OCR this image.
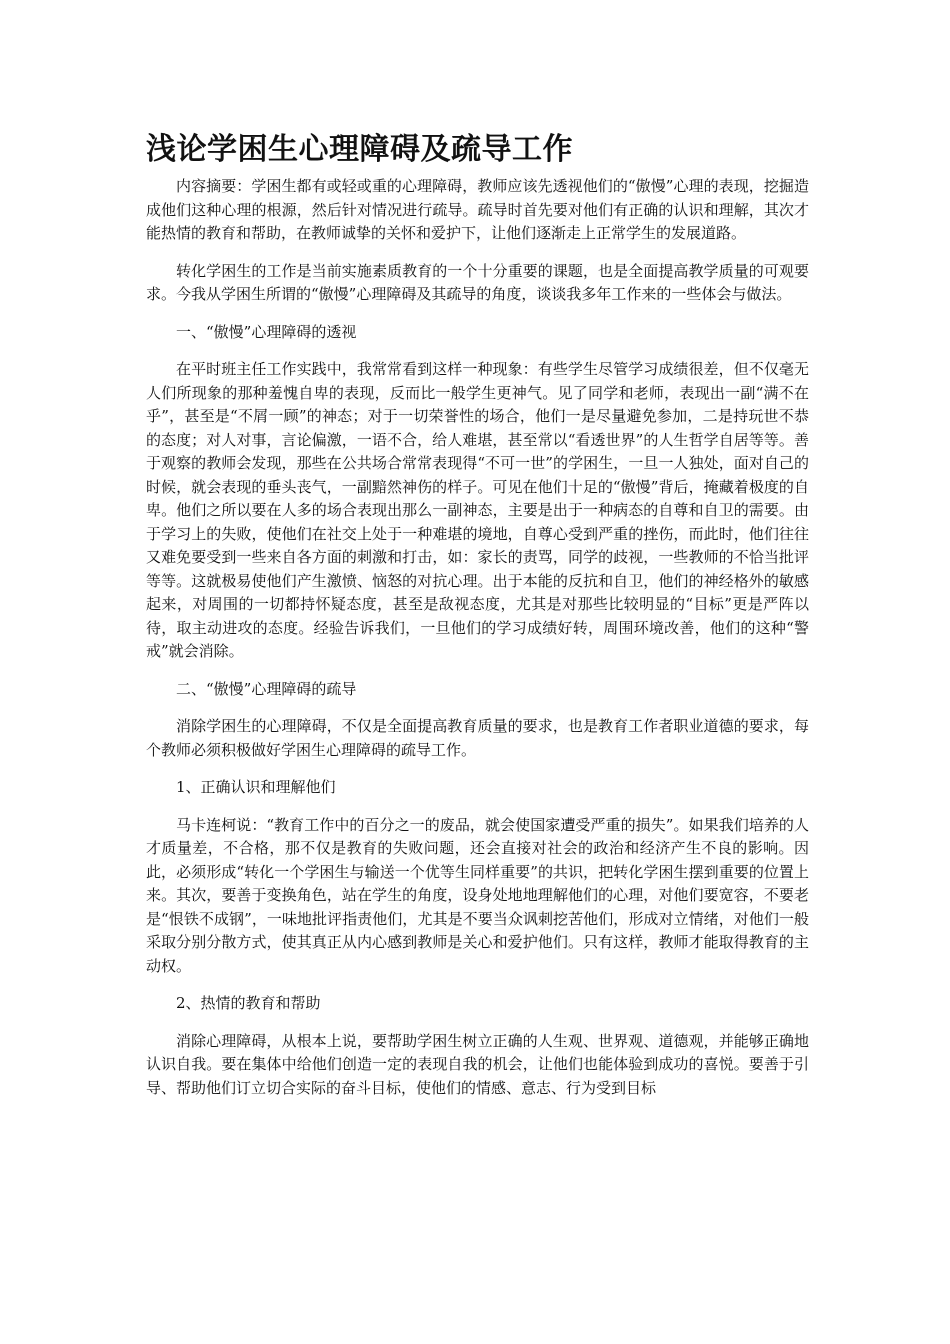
浅论学困生心理障碍及疏导工作

内容摘要：学困生都有或轻或重的心理障碍，教师应该先透视他们的“傲慢”心理的表现，挖掘造成他们这种心理的根源，然后针对情况进行疏导。疏导时首先要对他们有正确的认识和理解，其次才能热情的教育和帮助，在教师诚挚的关怀和爱护下，让他们逐渐走上正常学生的发展道路。

转化学困生的工作是当前实施素质教育的一个十分重要的课题，也是全面提高教学质量的可观要求。今我从学困生所谓的“傲慢”心理障碍及其疏导的角度，谈谈我多年工作来的一些体会与做法。

一、“傲慢”心理障碍的透视

在平时班主任工作实践中，我常常看到这样一种现象：有些学生尽管学习成绩很差，但不仅毫无人们所现象的那种羞愧自卑的表现，反而比一般学生更神气。见了同学和老师，表现出一副“满不在乎”，甚至是“不屑一顾”的神态；对于一切荣誉性的场合，他们一是尽量避免参加，二是持玩世不恭的态度；对人对事，言论偏激，一语不合，给人难堪，甚至常以“看透世界”的人生哲学自居等等。善于观察的教师会发现，那些在公共场合常常表现得“不可一世”的学困生，一旦一人独处，面对自己的时候，就会表现的垂头丧气，一副黯然神伤的样子。可见在他们十足的“傲慢”背后，掩藏着极度的自卑。他们之所以要在人多的场合表现出那么一副神态，主要是出于一种病态的自尊和自卫的需要。由于学习上的失败，使他们在社交上处于一种难堪的境地，自尊心受到严重的挫伤，而此时，他们往往又难免要受到一些来自各方面的刺激和打击，如：家长的责骂，同学的歧视，一些教师的不恰当批评等等。这就极易使他们产生激愤、恼怒的对抗心理。出于本能的反抗和自卫，他们的神经格外的敏感起来，对周围的一切都持怀疑态度，甚至是敌视态度，尤其是对那些比较明显的“目标”更是严阵以待，取主动进攻的态度。经验告诉我们，一旦他们的学习成绩好转，周围环境改善，他们的这种“警戒”就会消除。

二、“傲慢”心理障碍的疏导

消除学困生的心理障碍，不仅是全面提高教育质量的要求，也是教育工作者职业道德的要求，每个教师必须积极做好学困生心理障碍的疏导工作。

1、正确认识和理解他们

马卡连柯说：“教育工作中的百分之一的废品，就会使国家遭受严重的损失”。如果我们培养的人才质量差，不合格，那不仅是教育的失败问题，还会直接对社会的政治和经济产生不良的影响。因此，必须形成“转化一个学困生与输送一个优等生同样重要”的共识，把转化学困生摆到重要的位置上来。其次，要善于变换角色，站在学生的角度，设身处地地理解他们的心理，对他们要宽容，不要老是“恨铁不成钢”，一味地批评指责他们，尤其是不要当众讽刺挖苦他们，形成对立情绪，对他们一般采取分别分散方式，使其真正从内心感到教师是关心和爱护他们。只有这样，教师才能取得教育的主动权。

2、热情的教育和帮助

消除心理障碍，从根本上说，要帮助学困生树立正确的人生观、世界观、道德观，并能够正确地认识自我。要在集体中给他们创造一定的表现自我的机会，让他们也能体验到成功的喜悦。要善于引导、帮助他们订立切合实际的奋斗目标，使他们的情感、意志、行为受到目标
